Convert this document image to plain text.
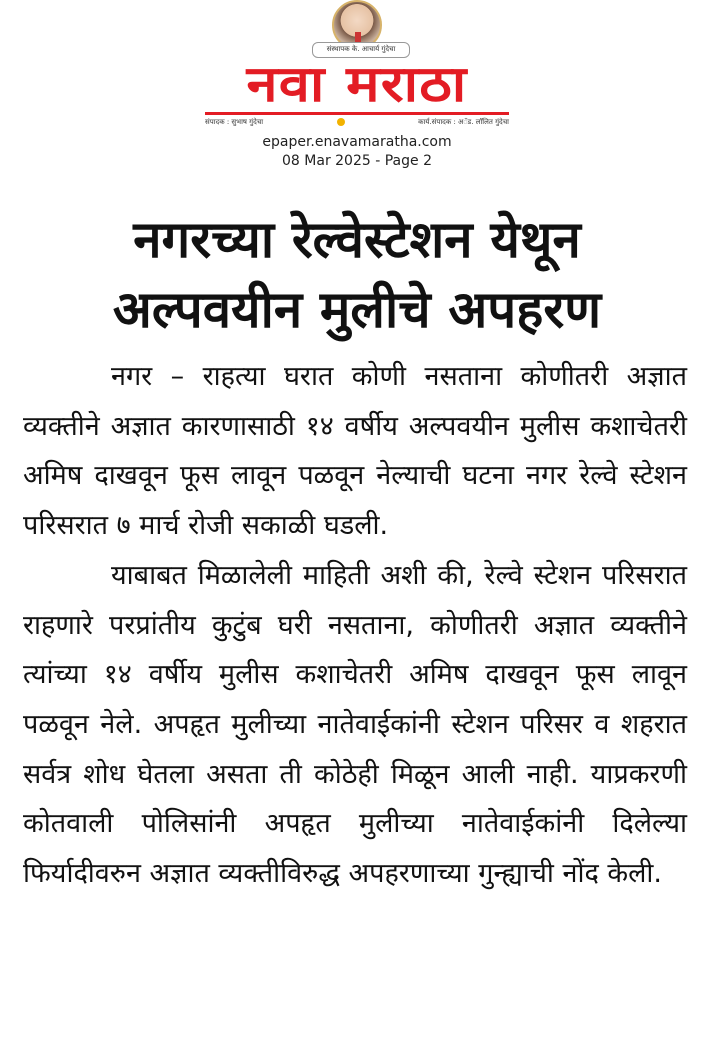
संस्थापक के. आचार्य गुंदेचा
नवा मराठा
संपादक : सुभाष गुंदेचा	कार्य.संपादक : अॅड. लाॅलित गुंदेचा
epaper.enavamaratha.com
08 Mar 2025 - Page 2
नगरच्या रेल्वेस्टेशन येथून
अल्पवयीन मुलीचे अपहरण

नगर – राहत्या घरात कोणी नसताना कोणीतरी अज्ञात व्यक्तीने अज्ञात कारणासाठी १४ वर्षीय अल्पवयीन मुलीस कशाचेतरी अमिष दाखवून फूस लावून पळवून नेल्याची घटना नगर रेल्वे स्टेशन परिसरात ७ मार्च रोजी सकाळी घडली.

याबाबत मिळालेली माहिती अशी की, रेल्वे स्टेशन परिसरात राहणारे परप्रांतीय कुटुंब घरी नसताना, कोणीतरी अज्ञात व्यक्तीने त्यांच्या १४ वर्षीय मुलीस कशाचेतरी अमिष दाखवून फूस लावून पळवून नेले. अपहृत मुलीच्या नातेवाईकांनी स्टेशन परिसर व शहरात सर्वत्र शोध घेतला असता ती कोठेही मिळून आली नाही. याप्रकरणी कोतवाली पोलिसांनी अपहृत मुलीच्या नातेवाईकांनी दिलेल्या फिर्यादीवरुन अज्ञात व्यक्तीविरुद्ध अपहरणाच्या गुन्ह्याची नोंद केली.
